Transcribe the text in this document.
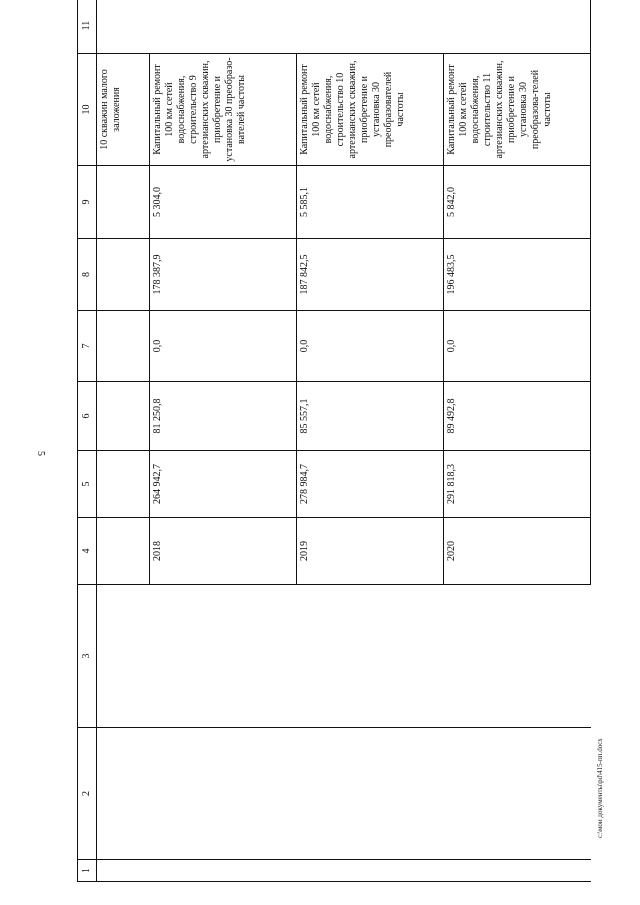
5
c:\мои документы\pd\415-пп.docx
1	2	3	4	5	6	7	8	9	10	11
									10 скважин малого заложения	
			2018	264 942,7	81 250,8	0,0	178 387,9	5 304,0	Капитальный ремонт 100 км сетей водоснабжения, строительство 9 артезианских скважин, приобретение и установка 30 преобразо-вателей частоты	
			2019	278 984,7	85 557,1	0,0	187 842,5	5 585,1	Капитальный ремонт 100 км сетей водоснабжения, строительство 10 артезианских скважин, приобретение и установка 30 преобразователей частоты	
			2020	291 818,3	89 492,8	0,0	196 483,5	5 842,0	Капитальный ремонт 100 км сетей водоснабжения, строительство 11 артезианских скважин, приобретение и установка 30 преобразова-телей частоты	
